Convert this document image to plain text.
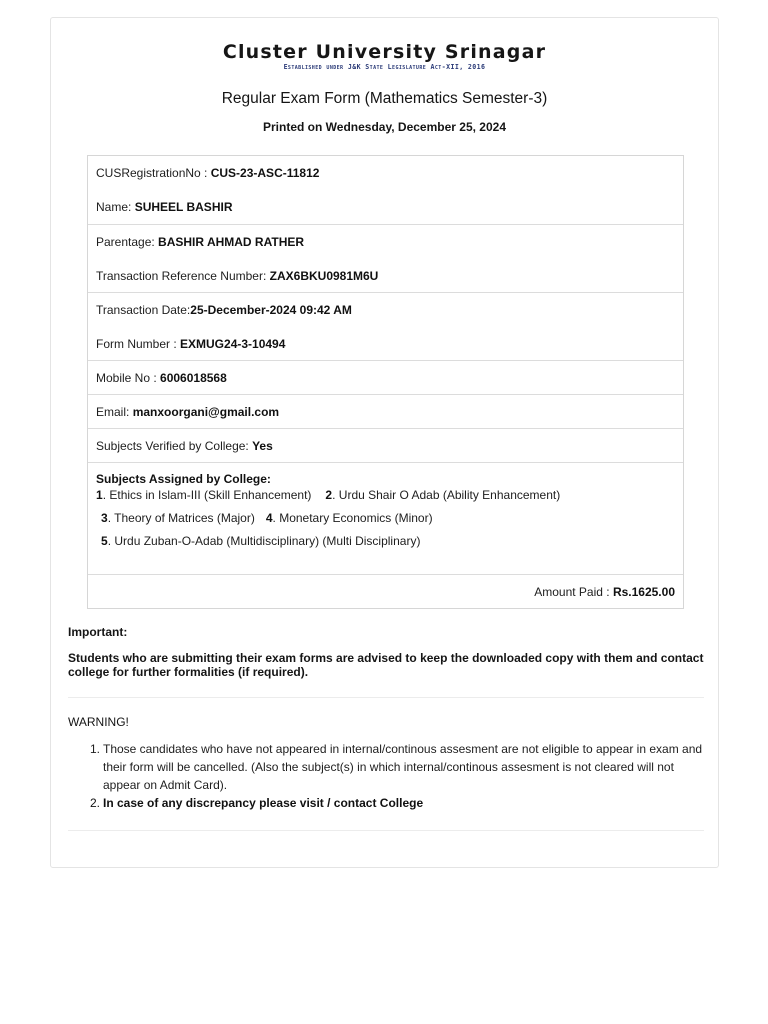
Cluster University Srinagar
Established under J&K State Legislature Act-XII, 2016
Regular Exam Form (Mathematics Semester-3)
Printed on Wednesday, December 25, 2024
CUSRegistrationNo : CUS-23-ASC-11812
Name: SUHEEL BASHIR
Parentage: BASHIR AHMAD RATHER
Transaction Reference Number: ZAX6BKU0981M6U
Transaction Date:25-December-2024 09:42 AM
Form Number : EXMUG24-3-10494
Mobile No : 6006018568
Email: manxoorgani@gmail.com
Subjects Verified by College: Yes
Subjects Assigned by College:
1. Ethics in Islam-III (Skill Enhancement) 2. Urdu Shair O Adab (Ability Enhancement)
3. Theory of Matrices (Major) 4. Monetary Economics (Minor)
5. Urdu Zuban-O-Adab (Multidisciplinary) (Multi Disciplinary)
Amount Paid : Rs.1625.00
Important:
Students who are submitting their exam forms are advised to keep the downloaded copy with them and contact college for further formalities (if required).
WARNING!
1. Those candidates who have not appeared in internal/continous assesment are not eligible to appear in exam and their form will be cancelled. (Also the subject(s) in which internal/continous assesment is not cleared will not appear on Admit Card).
2. In case of any discrepancy please visit / contact College
